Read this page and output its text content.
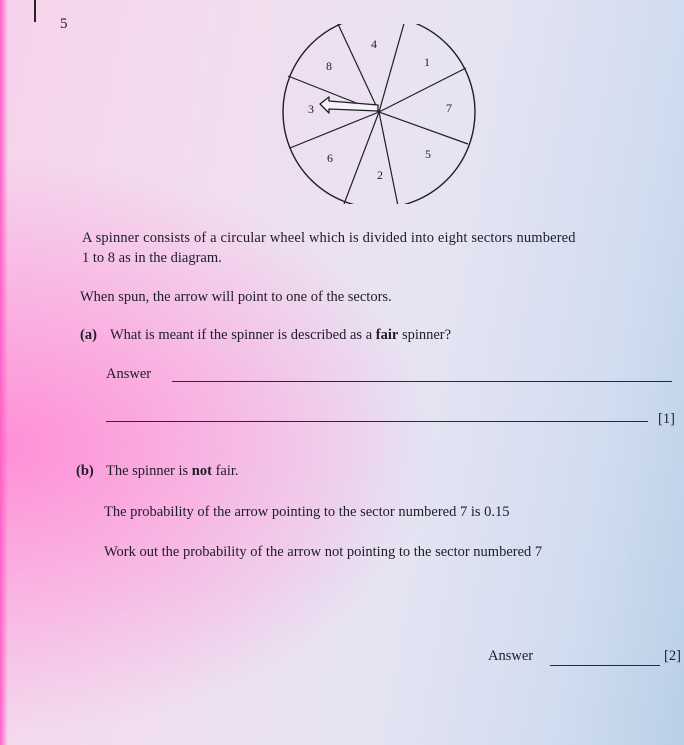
5
4
1
7
5
2
6
3
8
A spinner consists of a circular wheel which is divided into eight sectors numbered
1 to 8 as in the diagram.
When spun, the arrow will point to one of the sectors.
(a) What is meant if the spinner is described as a fair spinner?
Answer
[1]
(b) The spinner is not fair.
The probability of the arrow pointing to the sector numbered 7 is 0.15
Work out the probability of the arrow not pointing to the sector numbered 7
Answer	[2]
